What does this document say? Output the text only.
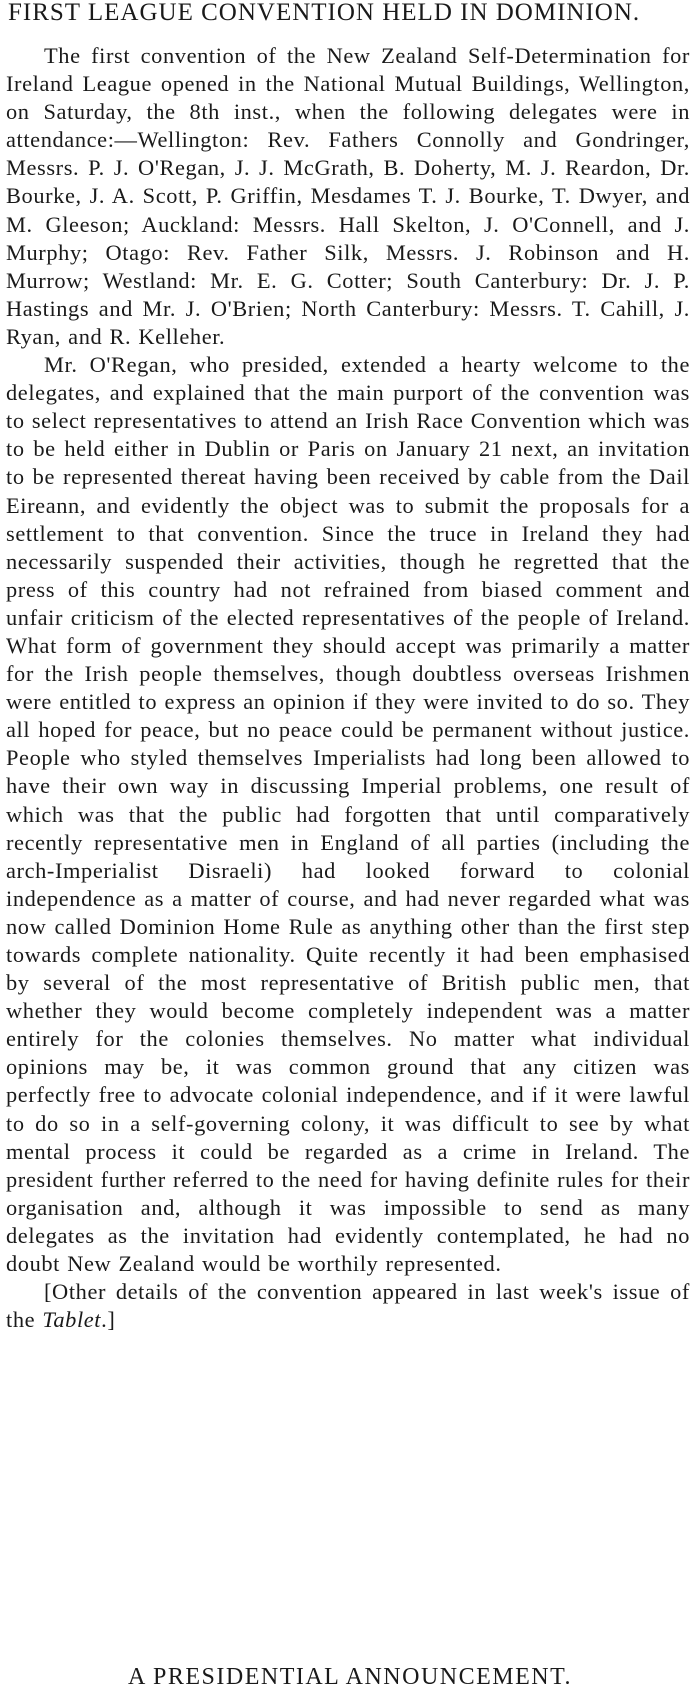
FIRST LEAGUE CONVENTION HELD IN DOMINION.

The first convention of the New Zealand Self-Determination for Ireland League opened in the National Mutual Buildings, Wellington, on Saturday, the 8th inst., when the following delegates were in attendance:—Wellington: Rev. Fathers Connolly and Gondringer, Messrs. P. J. O'Regan, J. J. McGrath, B. Doherty, M. J. Reardon, Dr. Bourke, J. A. Scott, P. Griffin, Mesdames T. J. Bourke, T. Dwyer, and M. Gleeson; Auckland: Messrs. Hall Skelton, J. O'Connell, and J. Murphy; Otago: Rev. Father Silk, Messrs. J. Robinson and H. Murrow; Westland: Mr. E. G. Cotter; South Canterbury: Dr. J. P. Hastings and Mr. J. O'Brien; North Canterbury: Messrs. T. Cahill, J. Ryan, and R. Kelleher.

Mr. O'Regan, who presided, extended a hearty welcome to the delegates, and explained that the main purport of the convention was to select representatives to attend an Irish Race Convention which was to be held either in Dublin or Paris on January 21 next, an invitation to be represented thereat having been received by cable from the Dail Eireann, and evidently the object was to submit the proposals for a settlement to that convention. Since the truce in Ireland they had necessarily suspended their activities, though he regretted that the press of this country had not refrained from biased comment and unfair criticism of the elected representatives of the people of Ireland. What form of government they should accept was primarily a matter for the Irish people themselves, though doubtless overseas Irishmen were entitled to express an opinion if they were invited to do so. They all hoped for peace, but no peace could be permanent without justice. People who styled themselves Imperialists had long been allowed to have their own way in discussing Imperial problems, one result of which was that the public had forgotten that until comparatively recently representative men in England of all parties (including the arch-Imperialist Disraeli) had looked forward to colonial independence as a matter of course, and had never regarded what was now called Dominion Home Rule as anything other than the first step towards complete nationality. Quite recently it had been emphasised by several of the most representative of British public men, that whether they would become completely independent was a matter entirely for the colonies themselves. No matter what individual opinions may be, it was common ground that any citizen was perfectly free to advocate colonial independence, and if it were lawful to do so in a self-governing colony, it was difficult to see by what mental process it could be regarded as a crime in Ireland. The president further referred to the need for having definite rules for their organisation and, although it was impossible to send as many delegates as the invitation had evidently contemplated, he had no doubt New Zealand would be worthily represented.

[Other details of the convention appeared in last week's issue of the Tablet.]

A PRESIDENTIAL ANNOUNCEMENT.
